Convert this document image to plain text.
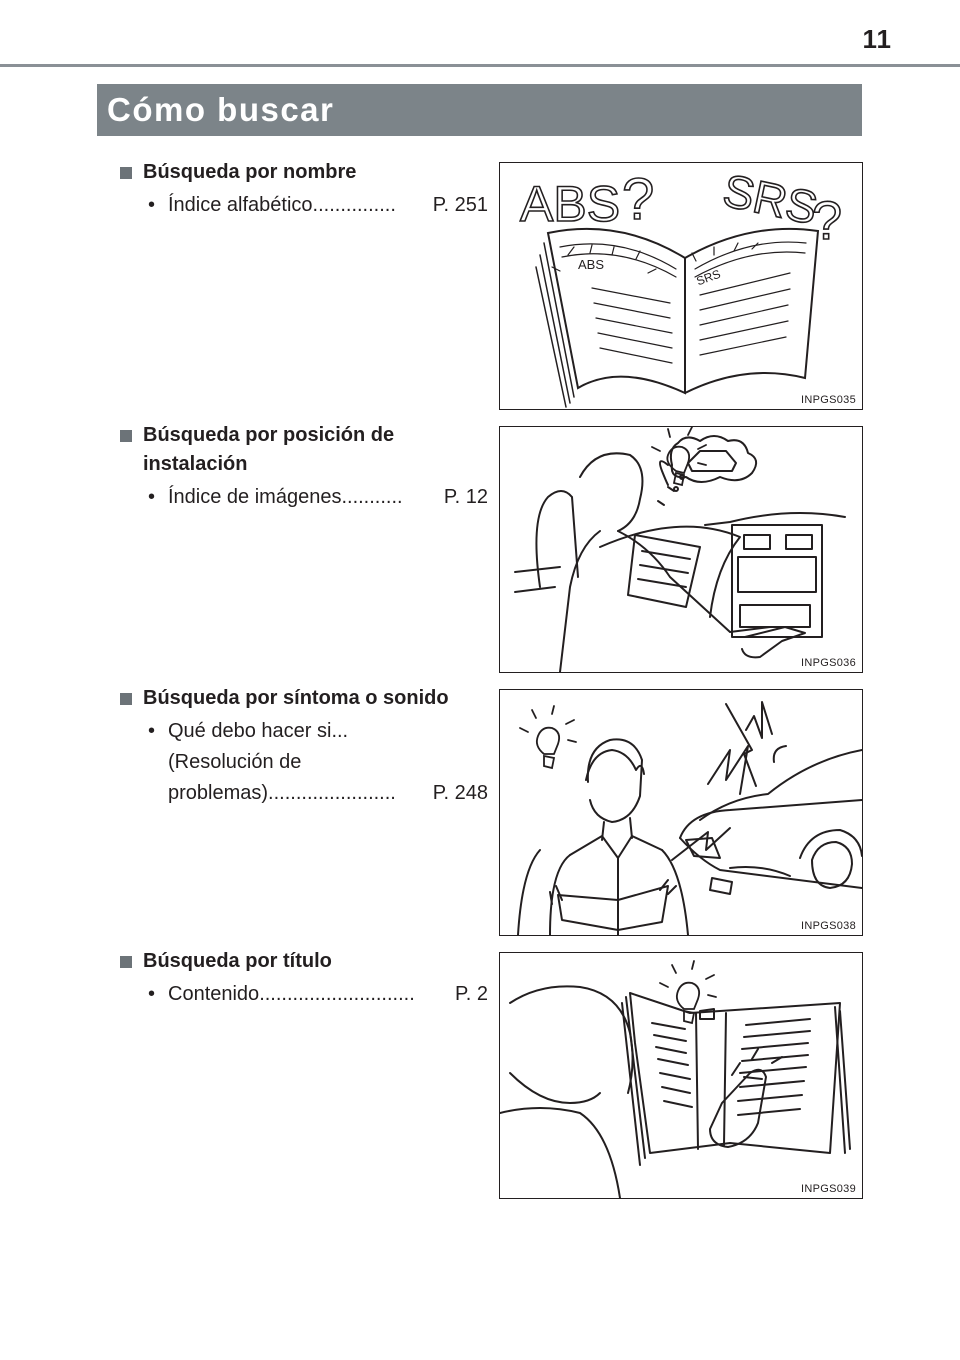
11
Cómo buscar
Búsqueda por nombre
• Índice alfabético ...............	P. 251 ABS ? SRS
?
ABS
SRS
INPGS035
Búsqueda por posición de
instalación
• Índice de imágenes ...........	P. 12
INPGS036
Búsqueda por síntoma o sonido
• Qué debo hacer si...
(Resolución de
problemas) .......................	P. 248
INPGS038
Búsqueda por título
• Contenido ............................	P. 2
INPGS039
